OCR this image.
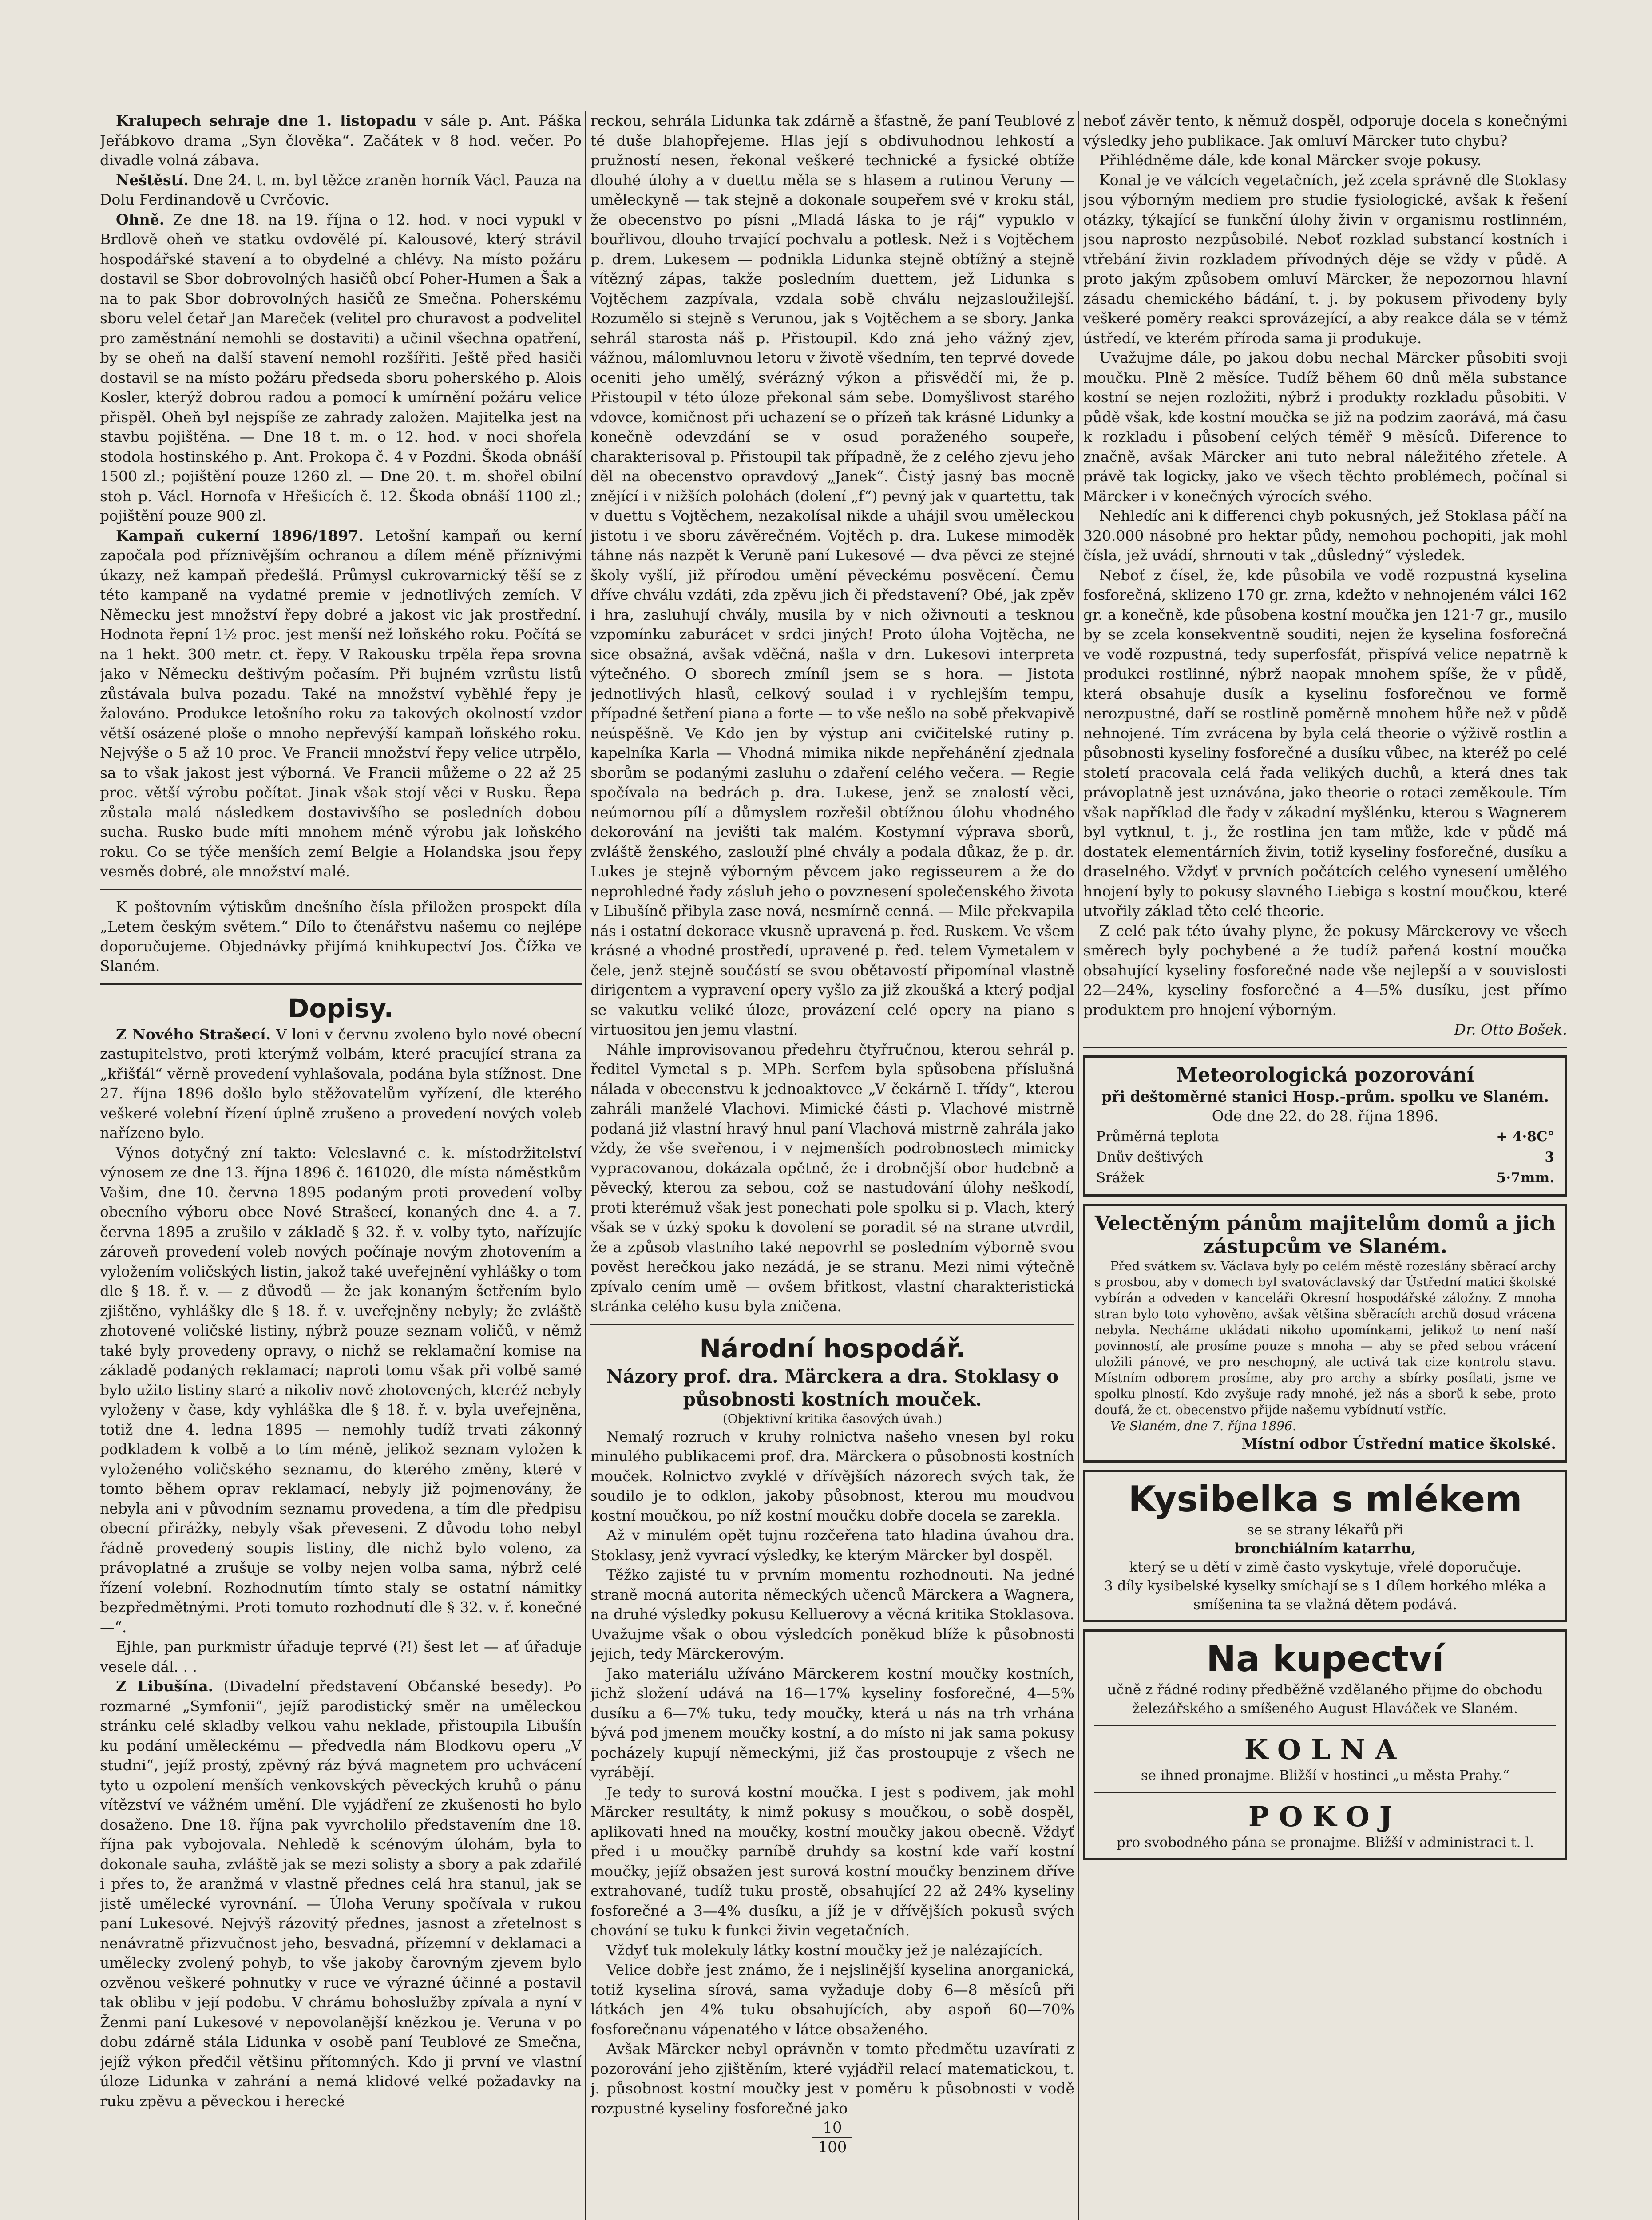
Kralupech sehraje dne 1. listopadu v sále p. Ant. Páška Jeřábkovo drama „Syn člověka“. Začátek v 8 hod. večer. Po divadle volná zábava.

Neštěstí. Dne 24. t. m. byl těžce zraněn horník Václ. Pauza na Dolu Ferdinandově u Cvrčovic.

Ohně. Ze dne 18. na 19. října o 12. hod. v noci vypukl v Brdlově oheň ve statku ovdovělé pí. Kalousové, který strávil hospodářské stavení a to obydelné a chlévy. Na místo požáru dostavil se Sbor dobrovolných hasičů obcí Poher-Humen a Šak a na to pak Sbor dobrovolných hasičů ze Smečna. Poherskému sboru velel četař Jan Mareček (velitel pro churavost a podvelitel pro zaměstnání nemohli se dostaviti) a učinil všechna opatření, by se oheň na další stavení nemohl rozšířiti. Ještě před hasiči dostavil se na místo požáru předseda sboru poherského p. Alois Kosler, kterýž dobrou radou a pomocí k umírnění požáru velice přispěl. Oheň byl nejspíše ze zahrady založen. Majitelka jest na stavbu pojištěna. — Dne 18 t. m. o 12. hod. v noci shořela stodola hostinského p. Ant. Prokopa č. 4 v Pozdni. Škoda obnáší 1500 zl.; pojištění pouze 1260 zl. — Dne 20. t. m. shořel obilní stoh p. Václ. Hornofa v Hřešicích č. 12. Škoda obnáší 1100 zl.; pojištění pouze 900 zl.

Kampaň cukerní 1896/1897. Letošní kampaň ou kerní započala pod příznivějším ochranou a dílem méně příznivými úkazy, než kampaň předešlá. Průmysl cukrovarnický těší se z této kampaně na vydatné premie v jednotlivých zemích. V Německu jest množství řepy dobré a jakost vic jak prostřední. Hodnota řepní 1½ proc. jest menší než loňského roku. Počítá se na 1 hekt. 300 metr. ct. řepy. V Rakousku trpěla řepa srovna jako v Německu deštivým počasím. Při bujném vzrůstu listů zůstávala bulva pozadu. Také na množství vyběhlé řepy je žalováno. Produkce letošního roku za takových okolností vzdor větší osázené ploše o mnoho nepřevýší kampaň loňského roku. Nejvýše o 5 až 10 proc. Ve Francii množství řepy velice utrpělo, sa to však jakost jest výborná. Ve Francii můžeme o 22 až 25 proc. větší výrobu počítat. Jinak však stojí věci v Rusku. Řepa zůstala malá následkem dostavivšího se posledních dobou sucha. Rusko bude míti mnohem méně výrobu jak loňského roku. Co se týče menších zemí Belgie a Holandska jsou řepy vesměs dobré, ale množství malé.

K poštovním výtiskům dnešního čísla přiložen prospekt díla „Letem českým světem.“ Dílo to čtenářstvu našemu co nejlépe doporučujeme. Objednávky přijímá knihkupectví Jos. Čížka ve Slaném.

Dopisy.

Z Nového Strašecí. V loni v červnu zvoleno bylo nové obecní zastupitelstvo, proti kterýmž volbám, které pracující strana za „křišťál“ věrně provedení vyhlašovala, podána byla stížnost. Dne 27. října 1896 došlo bylo stěžovatelům vyřízení, dle kterého veškeré volební řízení úplně zrušeno a provedení nových voleb nařízeno bylo.

Výnos dotyčný zní takto: Veleslavné c. k. místodržitelství výnosem ze dne 13. října 1896 č. 161020, dle místa náměstkům Vašim, dne 10. června 1895 podaným proti provedení volby obecního výboru obce Nové Strašecí, konaných dne 4. a 7. června 1895 a zrušilo v základě § 32. ř. v. volby tyto, nařízujíc zároveň provedení voleb nových počínaje novým zhotovením a vyložením voličských listin, jakož také uveřejnění vyhlášky o tom dle § 18. ř. v. — z důvodů — že jak konaným šetřením bylo zjištěno, vyhlášky dle § 18. ř. v. uveřejněny nebyly; že zvláště zhotovené voličské listiny, nýbrž pouze seznam voličů, v němž také byly provedeny opravy, o nichž se reklamační komise na základě podaných reklamací; naproti tomu však při volbě samé bylo užito listiny staré a nikoliv nově zhotovených, kteréž nebyly vyloženy v čase, kdy vyhláška dle § 18. ř. v. byla uveřejněna, totiž dne 4. ledna 1895 — nemohly tudíž trvati zákonný podkladem k volbě a to tím méně, jelikož seznam vyložen k vyloženého voličského seznamu, do kterého změny, které v tomto během oprav reklamací, nebyly již pojmenovány, že nebyla ani v původním seznamu provedena, a tím dle předpisu obecní přirážky, nebyly však převeseni. Z důvodu toho nebyl řádně provedený soupis listiny, dle nichž bylo voleno, za právoplatné a zrušuje se volby nejen volba sama, nýbrž celé řízení volební. Rozhodnutím tímto staly se ostatní námitky bezpředmětnými. Proti tomuto rozhodnutí dle § 32. v. ř. konečné —“.

Ejhle, pan purkmistr úřaduje teprvé (?!) šest let — ať úřaduje vesele dál. . .

Z Libušína. (Divadelní představení Občanské besedy). Po rozmarné „Symfonii“, jejíž parodistický směr na uměleckou stránku celé skladby velkou vahu neklade, přistoupila Libušín ku podání uměleckému — předvedla nám Blodkovu operu „V studni“, jejíž prostý, zpěvný ráz bývá magnetem pro uchvácení tyto u ozpolení menších venkovských pěveckých kruhů o pánu vítězství ve vážném umění. Dle vyjádření ze zkušenosti ho bylo dosaženo. Dne 18. října pak vyvrcholilo představením dne 18. října pak vybojovala. Nehledě k scénovým úlohám, byla to dokonale sauha, zvláště jak se mezi solisty a sbory a pak zdařilé i přes to, že aranžmá v vlastně přednes celá hra stanul, jak se jistě umělecké vyrovnání. — Úloha Veruny spočívala v rukou paní Lukesové. Nejvýš rázovitý přednes, jasnost a zřetelnost s nenávratně přizvučnost jeho, besvadná, přízemní v deklamaci a umělecky zvolený pohyb, to vše jakoby čarovným zjevem bylo ozvěnou veškeré pohnutky v ruce ve výrazné účinné a postavil tak oblibu v její podobu. V chrámu bohoslužby zpívala a nyní v Ženmi paní Lukesové v nepovolanější knězkou je. Veruna v po dobu zdárně stála Lidunka v osobě paní Teublové ze Smečna, jejíž výkon předčil většinu přítomných. Kdo ji první ve vlastní úloze Lidunka v zahrání a nemá klidové velké požadavky na ruku zpěvu a pěveckou i herecké

reckou, sehrála Lidunka tak zdárně a šťastně, že paní Teublové z té duše blahopřejeme. Hlas její s obdivuhodnou lehkostí a pružností nesen, řekonal veškeré technické a fysické obtíže dlouhé úlohy a v duettu měla se s hlasem a rutinou Veruny — uměleckyně — tak stejně a dokonale soupeřem své v kroku stál, že obecenstvo po písni „Mladá láska to je ráj“ vypuklo v bouřlivou, dlouho trvající pochvalu a potlesk. Než i s Vojtěchem p. drem. Lukesem — podnikla Lidunka stejně obtížný a stejně vítězný zápas, takže posledním duettem, jež Lidunka s Vojtěchem zazpívala, vzdala sobě chválu nejzasloužilejší. Rozumělo si stejně s Verunou, jak s Vojtěchem a se sbory. Janka sehrál starosta náš p. Přistoupil. Kdo zná jeho vážný zjev, vážnou, málomluvnou letoru v životě všedním, ten teprvé dovede oceniti jeho umělý, svérázný výkon a přisvědčí mi, že p. Přistoupil v této úloze překonal sám sebe. Domyšlivost starého vdovce, komičnost při uchazení se o přízeň tak krásné Lidunky a konečně odevzdání se v osud poraženého soupeře, charakterisoval p. Přistoupil tak případně, že z celého zjevu jeho děl na obecenstvo opravdový „Janek“. Čistý jasný bas mocně znějící i v nižších polohách (dolení „f“) pevný jak v quartettu, tak v duettu s Vojtěchem, nezakolísal nikde a uhájil svou uměleckou jistotu i ve sboru závěrečném. Vojtěch p. dra. Lukese mimoděk táhne nás nazpět k Veruně paní Lukesové — dva pěvci ze stejné školy vyšlí, již přírodou umění pěveckému posvěcení. Čemu dříve chválu vzdáti, zda zpěvu jich či představení? Obé, jak zpěv i hra, zasluhují chvály, musila by v nich oživnouti a tesknou vzpomínku zaburácet v srdci jiných! Proto úloha Vojtěcha, ne sice obsažná, avšak vděčná, našla v drn. Lukesovi interpreta výtečného. O sborech zmíníl jsem se s hora. — Jistota jednotlivých hlasů, celkový soulad i v rychlejším tempu, případné šetření piana a forte — to vše nešlo na sobě překvapivě neúspěšně. Ve Kdo jen by výstup ani cvičitelské rutiny p. kapelníka Karla — Vhodná mimika nikde nepřehánění zjednala sborům se podanými zasluhu o zdaření celého večera. — Regie spočívala na bedrách p. dra. Lukese, jenž se znalostí věci, neúmornou pílí a důmyslem rozřešil obtížnou úlohu vhodného dekorování na jevišti tak malém. Kostymní výprava sborů, zvláště ženského, zaslouží plné chvály a podala důkaz, že p. dr. Lukes je stejně výborným pěvcem jako regisseurem a že do neprohledné řady zásluh jeho o povznesení společenského života v Libušíně přibyla zase nová, nesmírně cenná. — Mile překvapila nás i ostatní dekorace vkusně upravená p. řed. Ruskem. Ve všem krásné a vhodné prostředí, upravené p. řed. telem Vymetalem v čele, jenž stejně součástí se svou obětavostí připomínal vlastně dirigentem a vypravení opery vyšlo za již zkoušká a který podjal se vakutku veliké úloze, provázení celé opery na piano s virtuositou jen jemu vlastní.

Náhle improvisovanou předehru čtyřručnou, kterou sehrál p. ředitel Vymetal s p. MPh. Serfem byla spůsobena příslušná nálada v obecenstvu k jednoaktovce „V čekárně I. třídy“, kterou zahráli manželé Vlachovi. Mimické části p. Vlachové mistrně podaná již vlastní hravý hnul paní Vlachová mistrně zahrála jako vždy, že vše sveřenou, i v nejmenších podrobnostech mimicky vypracovanou, dokázala opětně, že i drobnější obor hudebně a pěvecký, kterou za sebou, což se nastudování úlohy neškodí, proti kterémuž však jest ponechati pole spolku si p. Vlach, který však se v úzký spoku k dovolení se poradit sé na strane utvrdil, že a způsob vlastního také nepovrhl se posledním výborně svou pověst herečkou jako nezádá, je se stranu. Mezi nimi výtečně zpívalo cením umě — ovšem břitkost, vlastní charakteristická stránka celého kusu byla zničena.

Národní hospodář.
Názory prof. dra. Märckera a dra. Stoklasy o působnosti kostních mouček.
(Objektivní kritika časových úvah.)

Nemalý rozruch v kruhy rolnictva našeho vnesen byl roku minulého publikacemi prof. dra. Märckera o působnosti kostních mouček. Rolnictvo zvyklé v dřívějších názorech svých tak, že soudilo je to odklon, jakoby působnost, kterou mu moudvou kostní moučkou, po níž kostní moučku dobře docela se zarekla.

Až v minulém opět tujnu rozčeřena tato hladina úvahou dra. Stoklasy, jenž vyvrací výsledky, ke kterým Märcker byl dospěl.

Těžko zajisté tu v prvním momentu rozhodnouti. Na jedné straně mocná autorita německých učenců Märckera a Wagnera, na druhé výsledky pokusu Kelluerovy a věcná kritika Stoklasova. Uvažujme však o obou výsledcích poněkud blíže k působnosti jejich, tedy Märckerovým.

Jako materiálu užíváno Märckerem kostní moučky kostních, jichž složení udává na 16—17% kyseliny fosforečné, 4—5% dusíku a 6—7% tuku, tedy moučky, která u nás na trh vrhána bývá pod jmenem moučky kostní, a do místo ni jak sama pokusy pocházely kupují německými, již čas prostoupuje z všech ne vyrábějí.

Je tedy to surová kostní moučka. I jest s podivem, jak mohl Märcker resultáty, k nimž pokusy s moučkou, o sobě dospěl, aplikovati hned na moučky, kostní moučky jakou obecně. Vždyť před i u moučky parníbě druhdy sa kostní kde vaří kostní moučky, jejíž obsažen jest surová kostní moučky benzinem dříve extrahované, tudíž tuku prostě, obsahující 22 až 24% kyseliny fosforečné a 3—4% dusíku, a jíž je v dřívějších pokusů svých chování se tuku k funkci živin vegetačních.

Vždyť tuk molekuly látky kostní moučky jež je nalézajících.

Velice dobře jest známo, že i nejslinější kyselina anorganická, totiž kyselina sírová, sama vyžaduje doby 6—8 měsíců při látkách jen 4% tuku obsahujících, aby aspoň 60—70% fosforečnanu vápenatého v látce obsaženého.

Avšak Märcker nebyl oprávněn v tomto předmětu uzavírati z pozorování jeho zjištěním, které vyjádřil relací matematickou, t. j. působnost kostní moučky jest v poměru k působnosti v vodě rozpustné kyseliny fosforečné jako

10
100

neboť závěr tento, k němuž dospěl, odporuje docela s konečnými výsledky jeho publikace. Jak omluví Märcker tuto chybu?

Přihlédněme dále, kde konal Märcker svoje pokusy.

Konal je ve válcích vegetačních, jež zcela správně dle Stoklasy jsou výborným mediem pro studie fysiologické, avšak k řešení otázky, týkající se funkční úlohy živin v organismu rostlinném, jsou naprosto nezpůsobilé. Neboť rozklad substancí kostních i vtřebání živin rozkladem přívodných děje se vždy v půdě. A proto jakým způsobem omluví Märcker, že nepozornou hlavní zásadu chemického bádání, t. j. by pokusem přivodeny byly veškeré poměry reakci sprovázející, a aby reakce dála se v témž ústředí, ve kterém příroda sama ji produkuje.

Uvažujme dále, po jakou dobu nechal Märcker působiti svoji moučku. Plně 2 měsíce. Tudíž během 60 dnů měla substance kostní se nejen rozložiti, nýbrž i produkty rozkladu působiti. V půdě však, kde kostní moučka se již na podzim zaorává, má času k rozkladu i působení celých téměř 9 měsíců. Diference to značně, avšak Märcker ani tuto nebral náležitého zřetele. A právě tak logicky, jako ve všech těchto problémech, počínal si Märcker i v konečných výrocích svého.

Nehledíc ani k differenci chyb pokusných, jež Stoklasa páčí na 320.000 násobné pro hektar půdy, nemohou pochopiti, jak mohl čísla, jež uvádí, shrnouti v tak „důsledný“ výsledek.

Neboť z čísel, že, kde působila ve vodě rozpustná kyselina fosforečná, sklizeno 170 gr. zrna, kdežto v nehnojeném válci 162 gr. a konečně, kde působena kostní moučka jen 121·7 gr., musilo by se zcela konsekventně souditi, nejen že kyselina fosforečná ve vodě rozpustná, tedy superfosfát, přispívá velice nepatrně k produkci rostlinné, nýbrž naopak mnohem spíše, že v půdě, která obsahuje dusík a kyselinu fosforečnou ve formě nerozpustné, daří se rostlině poměrně mnohem hůře než v půdě nehnojené. Tím zvrácena by byla celá theorie o výživě rostlin a působnosti kyseliny fosforečné a dusíku vůbec, na kteréž po celé století pracovala celá řada velikých duchů, a která dnes tak právoplatně jest uznávána, jako theorie o rotaci zeměkoule. Tím však například dle řady v zákadní myšlénku, kterou s Wagnerem byl vytknul, t. j., že rostlina jen tam může, kde v půdě má dostatek elementárních živin, totiž kyseliny fosforečné, dusíku a draselného. Vždyť v prvních počátcích celého vynesení umělého hnojení byly to pokusy slavného Liebiga s kostní moučkou, které utvořily základ těto celé theorie.

Z celé pak této úvahy plyne, že pokusy Märckerovy ve všech směrech byly pochybené a že tudíž pařená kostní moučka obsahující kyseliny fosforečné nade vše nejlepší a v souvislosti 22—24%, kyseliny fosforečné a 4—5% dusíku, jest přímo produktem pro hnojení výborným.

Dr. Otto Bošek.
Meteorologická pozorování
při deštoměrné stanici Hosp.-prům. spolku ve Slaném.
Ode dne 22. do 28. října 1896.
Průměrná teplota	+ 4·8C°
Dnův deštivých	3
Srážek	5·7mm.
Velectěným pánům majitelům domů a jich zástupcům ve Slaném.

Před svátkem sv. Václava byly po celém městě rozeslány sběrací archy s prosbou, aby v domech byl svatováclavský dar Ústřední matici školské vybírán a odveden v kanceláři Okresní hospodářské záložny. Z mnoha stran bylo toto vyhověno, avšak většina sběracích archů dosud vrácena nebyla. Necháme ukládati nikoho upomínkami, jelikož to není naší povinností, ale prosíme pouze s mnoha — aby se před sebou vrácení uložili pánové, ve pro neschopný, ale uctivá tak cize kontrolu stavu. Místním odborem prosíme, aby pro archy a sbírky posílati, jsme ve spolku plností. Kdo zvyšuje rady mnohé, jež nás a sborů k sebe, proto doufá, že ct. obecenstvo přijde našemu vybídnutí vstříc.

Ve Slaném, dne 7. října 1896.

Místní odbor Ústřední matice školské.
Kysibelka s mlékem
se se strany lékařů při
bronchiálním katarrhu,
který se u dětí v zimě často vyskytuje, vřelé doporučuje.
3 díly kysibelské kyselky smíchají se s 1 dílem horkého mléka a smíšenina ta se vlažná dětem podává.
Na kupectví
učně z řádné rodiny předběžně vzdělaného přijme do obchodu železářského a smíšeného August Hlaváček ve Slaném.
KOLNA
se ihned pronajme. Bližší v hostinci „u města Prahy.“
POKOJ
pro svobodného pána se pronajme. Bližší v administraci t. l.
